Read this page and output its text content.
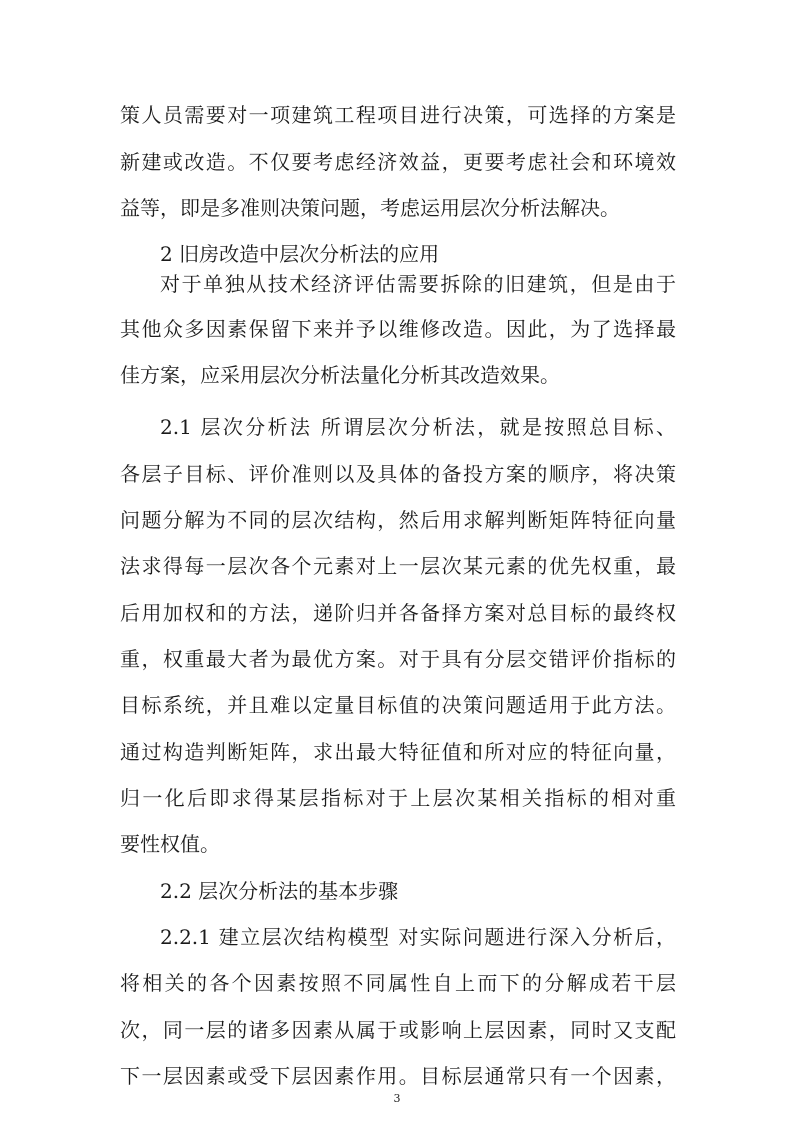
策人员需要对一项建筑工程项目进行决策，可选择的方案是
新建或改造。不仅要考虑经济效益，更要考虑社会和环境效
益等，即是多准则决策问题，考虑运用层次分析法解决。
2 旧房改造中层次分析法的应用
对于单独从技术经济评估需要拆除的旧建筑，但是由于
其他众多因素保留下来并予以维修改造。因此，为了选择最
佳方案，应采用层次分析法量化分析其改造效果。
2.1 层次分析法 所谓层次分析法，就是按照总目标、
各层子目标、评价准则以及具体的备投方案的顺序，将决策
问题分解为不同的层次结构，然后用求解判断矩阵特征向量
法求得每一层次各个元素对上一层次某元素的优先权重，最
后用加权和的方法，递阶归并各备择方案对总目标的最终权
重，权重最大者为最优方案。对于具有分层交错评价指标的
目标系统，并且难以定量目标值的决策问题适用于此方法。
通过构造判断矩阵，求出最大特征值和所对应的特征向量，
归一化后即求得某层指标对于上层次某相关指标的相对重
要性权值。
2.2 层次分析法的基本步骤
2.2.1 建立层次结构模型 对实际问题进行深入分析后，
将相关的各个因素按照不同属性自上而下的分解成若干层
次，同一层的诸多因素从属于或影响上层因素，同时又支配
下一层因素或受下层因素作用。目标层通常只有一个因素，
3
